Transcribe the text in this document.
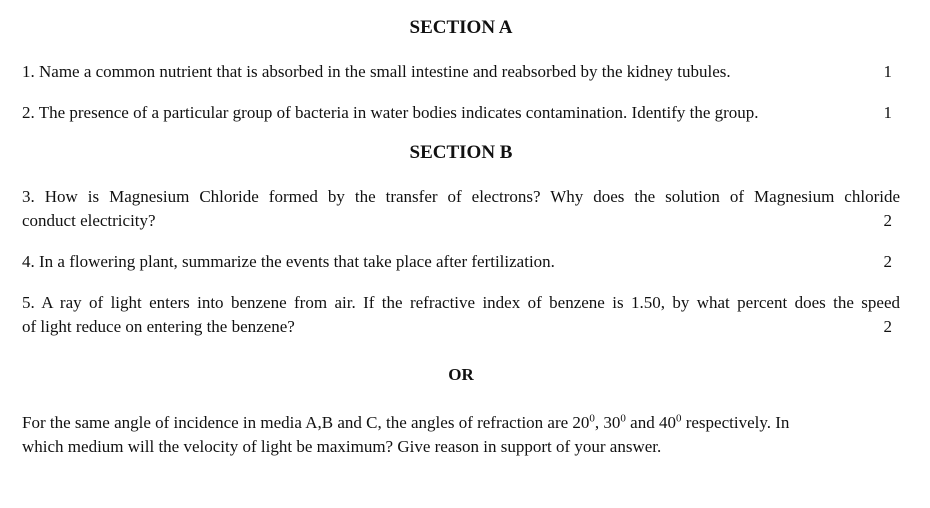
SECTION A
1. Name a common nutrient that is absorbed in the small intestine and reabsorbed by the kidney tubules.	1
2. The presence of a particular group of bacteria in water bodies indicates contamination. Identify the group.	1
SECTION B
3. How is Magnesium Chloride formed by the transfer of electrons? Why does the solution of Magnesium chloride
conduct electricity?	2
4. In a flowering plant, summarize the events that take place after fertilization.	2
5. A ray of light enters into benzene from air. If the refractive index of benzene is 1.50, by what percent does the speed
of light reduce on entering the benzene?	2
OR
For the same angle of incidence in media A,B and C, the angles of refraction are $20^0$, $30^0$ and $40^0$ respectively. In
which medium will the velocity of light be maximum? Give reason in support of your answer.
